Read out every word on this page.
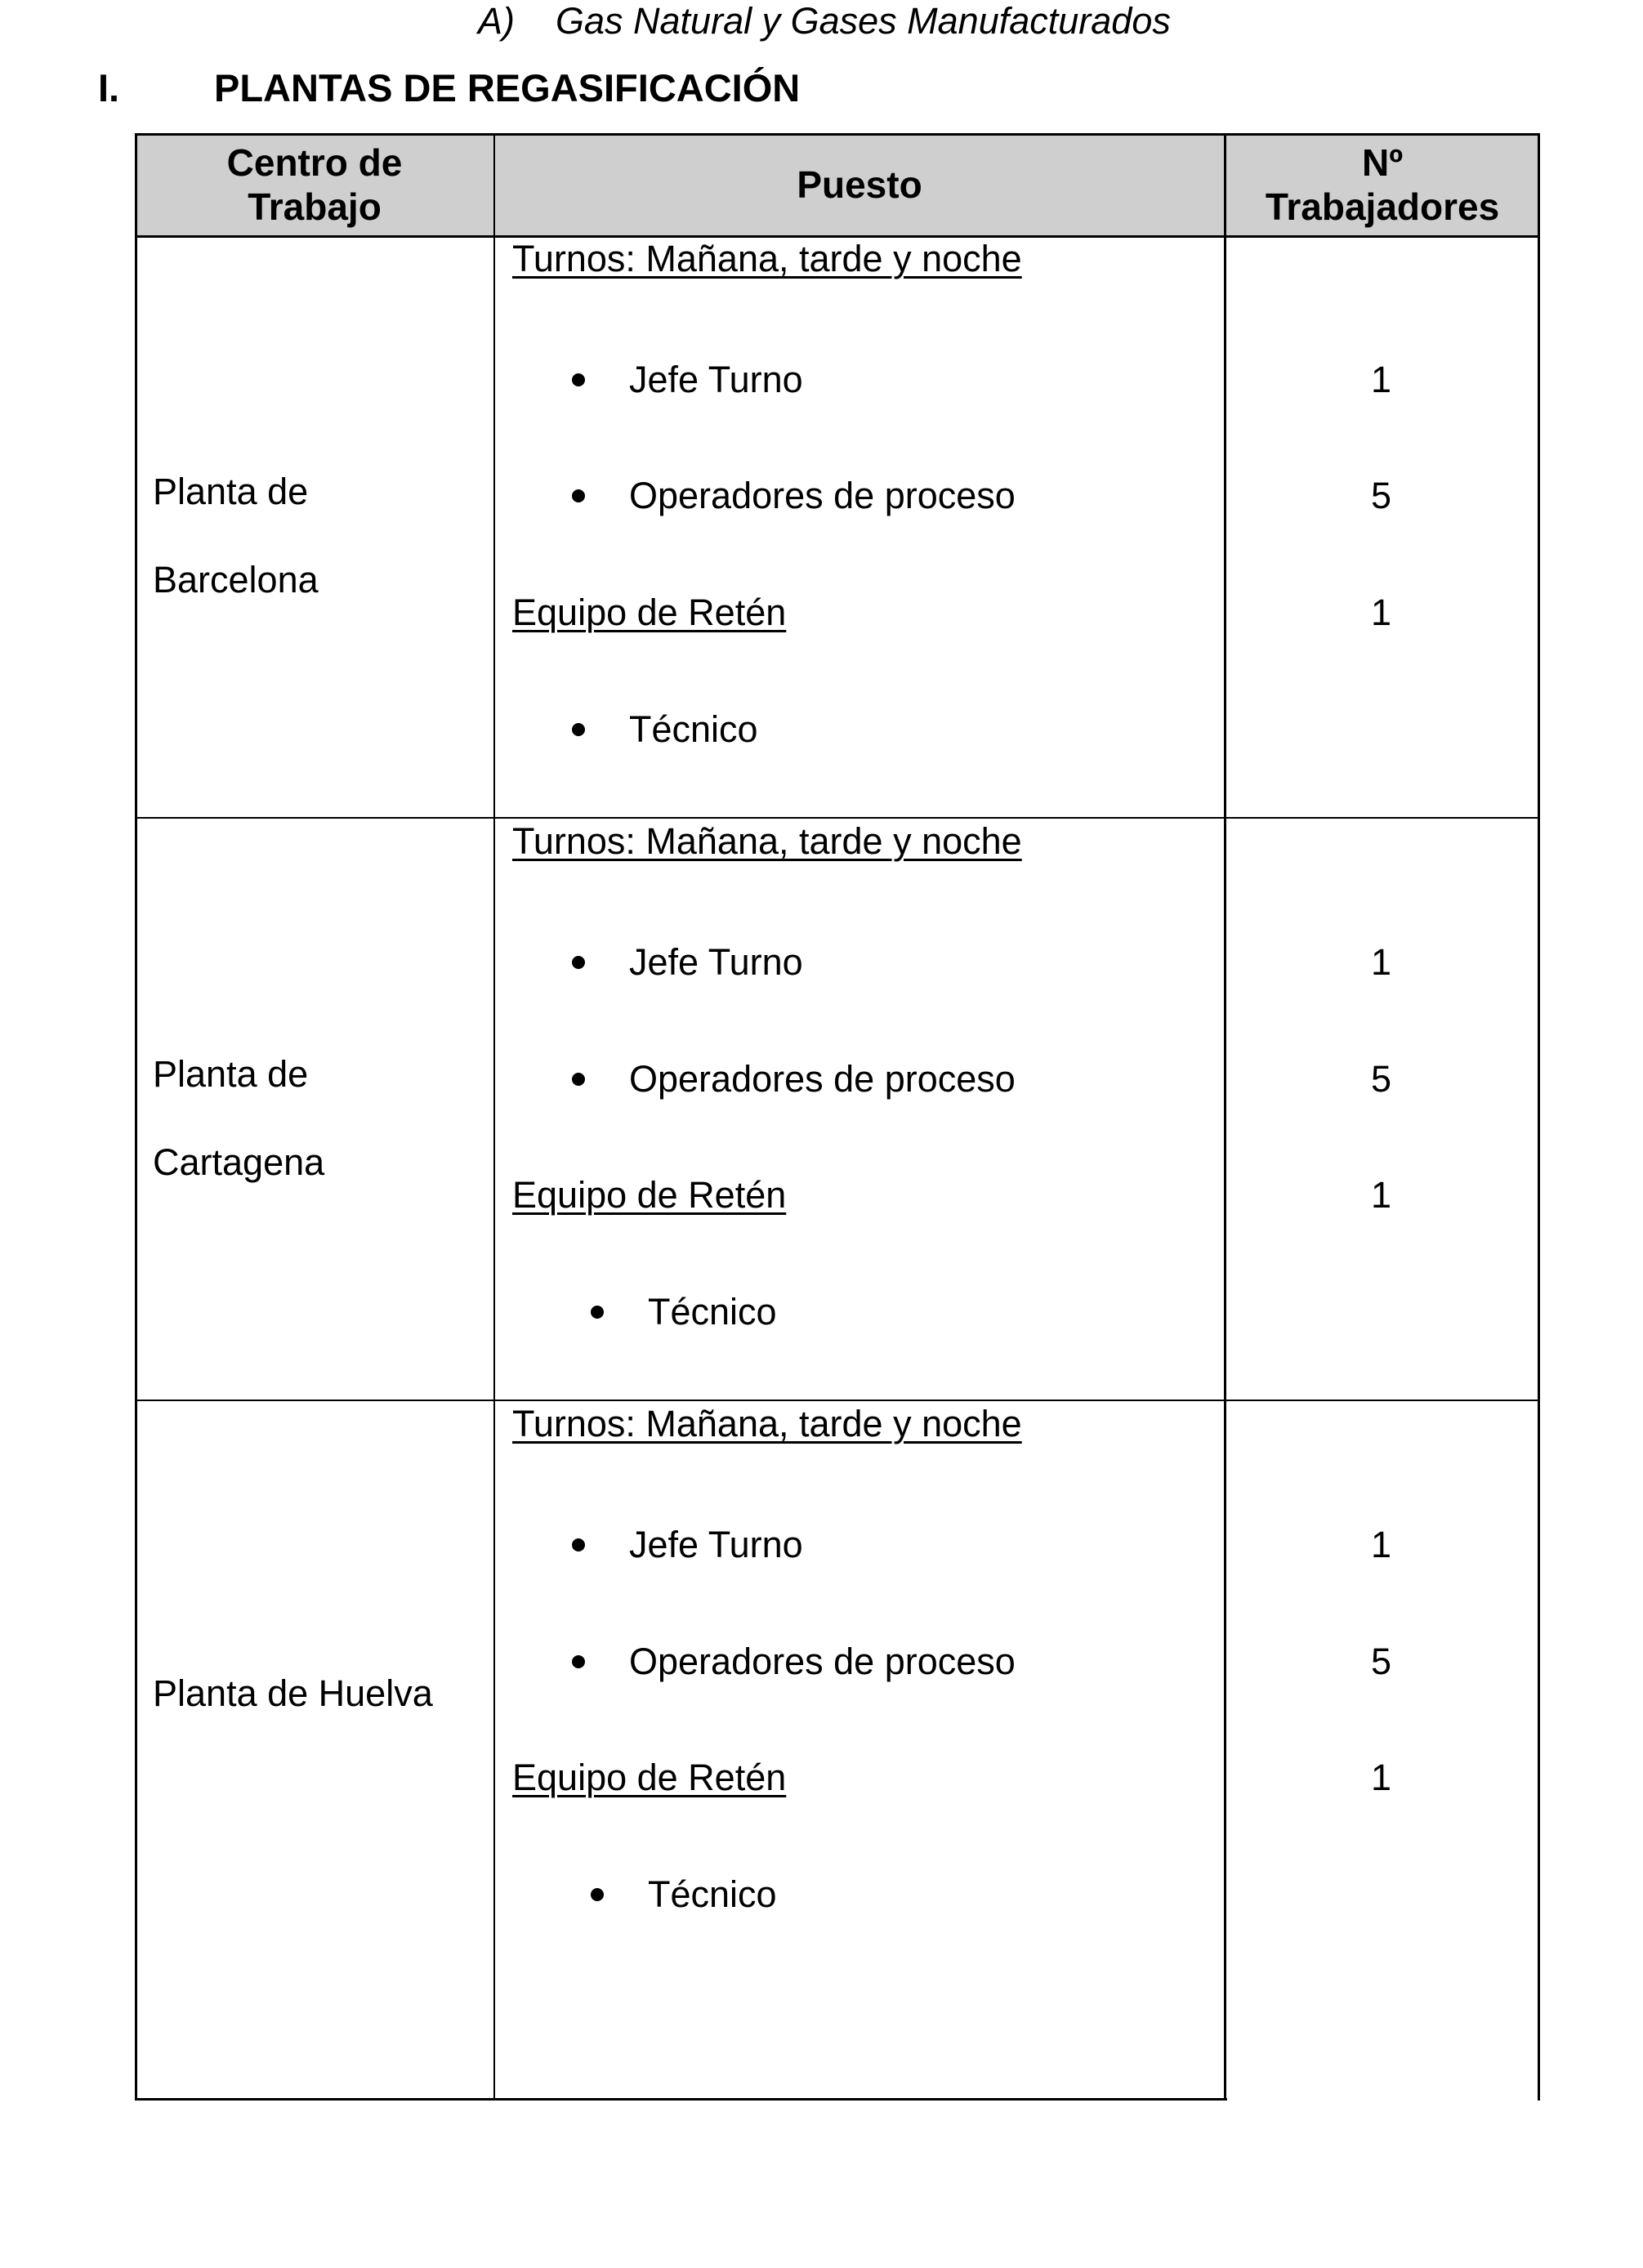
A) Gas Natural y Gases Manufacturados
I. PLANTAS DE REGASIFICACIÓN
Centro de
Trabajo
Puesto
Nº
Trabajadores
Planta de
Barcelona
Turnos: Mañana, tarde y noche
Jefe Turno
Operadores de proceso
Equipo de Retén
Técnico
1
5
1
Planta de
Cartagena
Turnos: Mañana, tarde y noche
Jefe Turno
Operadores de proceso
Equipo de Retén
Técnico
1
5
1
Planta de Huelva
Turnos: Mañana, tarde y noche
Jefe Turno
Operadores de proceso
Equipo de Retén
Técnico
1
5
1
